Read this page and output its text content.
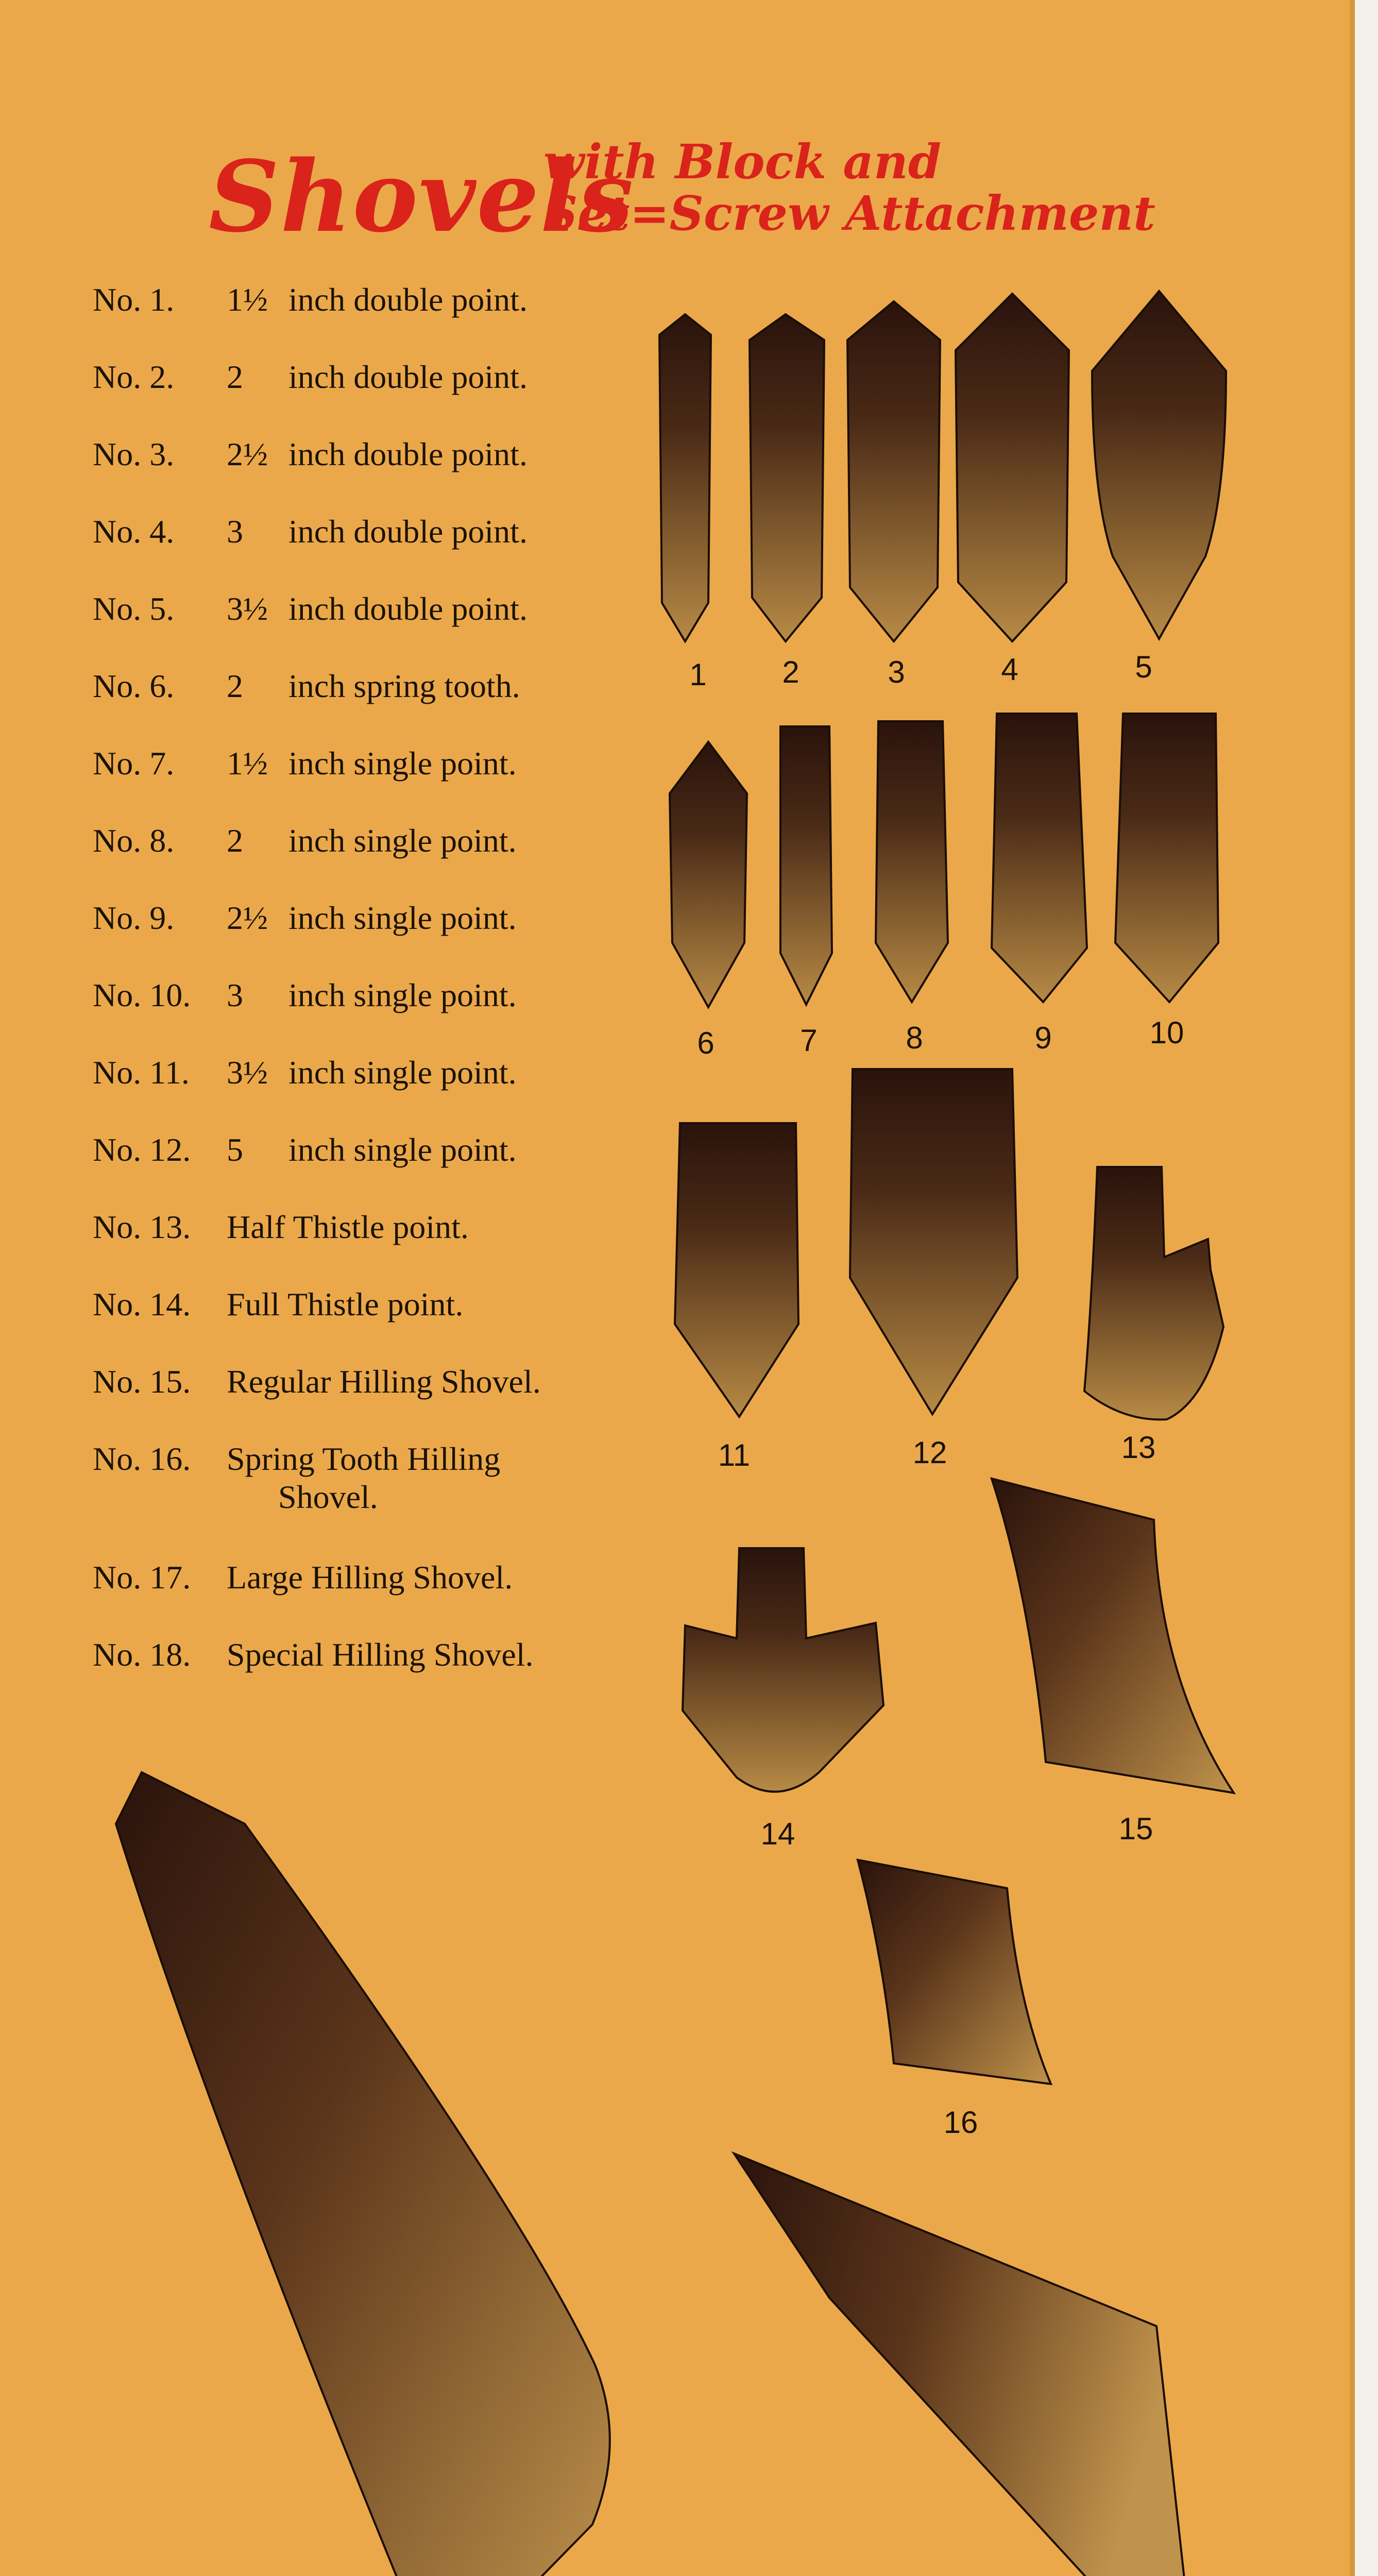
Shovels
with Block and
Set=Screw Attachment
No. 1. 1½ inch double point.
No. 2. 2 inch double point.
No. 3. 2½ inch double point.
No. 4. 3 inch double point.
No. 5. 3½ inch double point.
No. 6. 2 inch spring tooth.
No. 7. 1½ inch single point.
No. 8. 2 inch single point.
No. 9. 2½ inch single point.
No. 10. 3 inch single point.
No. 11. 3½ inch single point.
No. 12. 5 inch single point.
No. 13. Half Thistle point.
No. 14. Full Thistle point.
No. 15. Regular Hilling Shovel.
No. 16. Spring Tooth Hilling
Shovel.
No. 17. Large Hilling Shovel.
No. 18. Special Hilling Shovel.
1 2	3	4	5
6	7	8	9	10
11	12	13
14	15
16
